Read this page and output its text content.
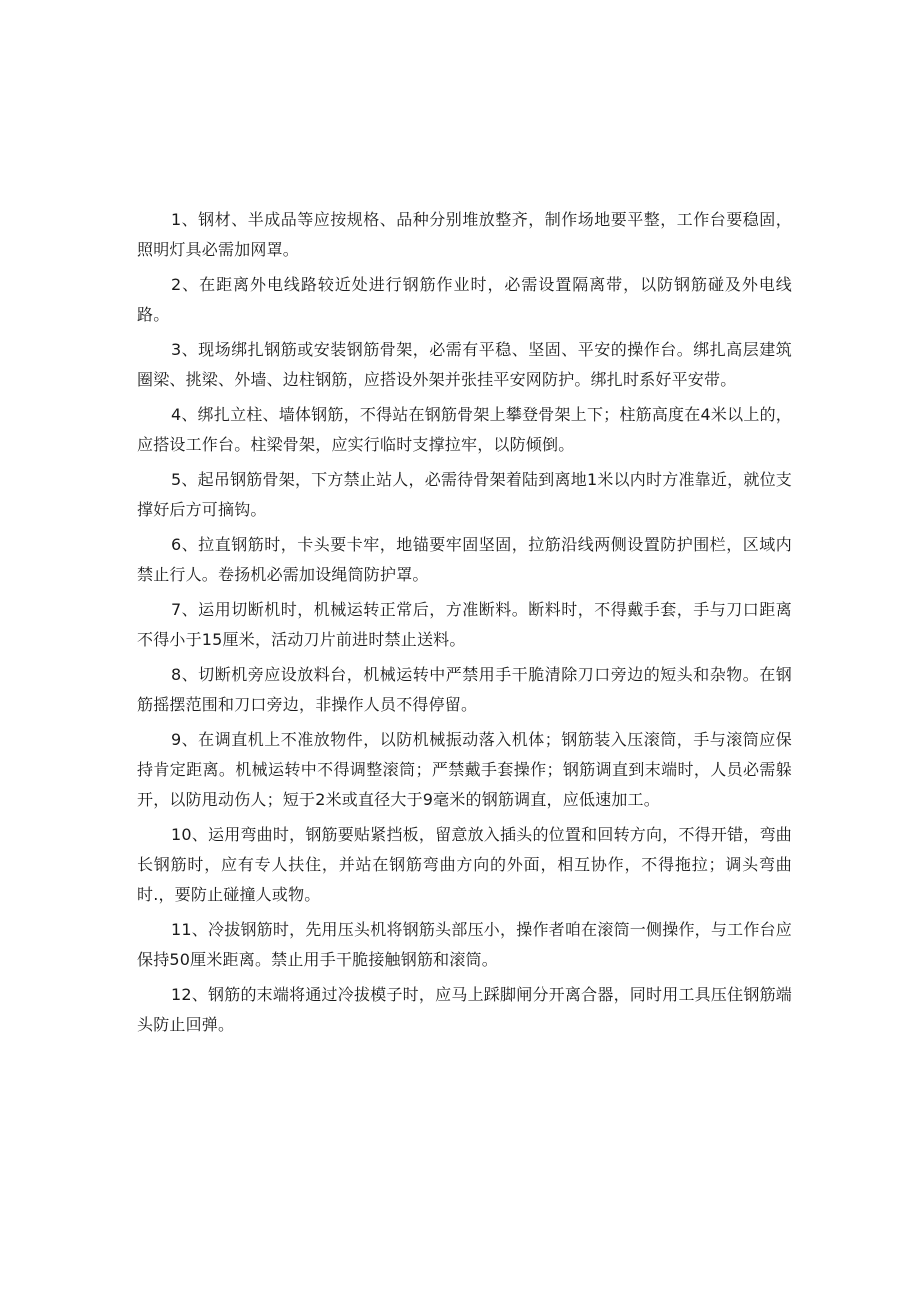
1、钢材、半成品等应按规格、品种分别堆放整齐，制作场地要平整，工作台要稳固，照明灯具必需加网罩。

2、在距离外电线路较近处进行钢筋作业时，必需设置隔离带，以防钢筋碰及外电线路。

3、现场绑扎钢筋或安装钢筋骨架，必需有平稳、坚固、平安的操作台。绑扎高层建筑圈梁、挑梁、外墙、边柱钢筋，应搭设外架并张挂平安网防护。绑扎时系好平安带。

4、绑扎立柱、墙体钢筋，不得站在钢筋骨架上攀登骨架上下；柱筋高度在4米以上的，应搭设工作台。柱梁骨架，应实行临时支撑拉牢，以防倾倒。

5、起吊钢筋骨架，下方禁止站人，必需待骨架着陆到离地1米以内时方准靠近，就位支撑好后方可摘钩。

6、拉直钢筋时，卡头要卡牢，地锚要牢固坚固，拉筋沿线两侧设置防护围栏，区域内禁止行人。卷扬机必需加设绳筒防护罩。

7、运用切断机时，机械运转正常后，方准断料。断料时，不得戴手套，手与刀口距离不得小于15厘米，活动刀片前进时禁止送料。

8、切断机旁应设放料台，机械运转中严禁用手干脆清除刀口旁边的短头和杂物。在钢筋摇摆范围和刀口旁边，非操作人员不得停留。

9、在调直机上不准放物件，以防机械振动落入机体；钢筋装入压滚筒，手与滚筒应保持肯定距离。机械运转中不得调整滚筒；严禁戴手套操作；钢筋调直到末端时，人员必需躲开，以防甩动伤人；短于2米或直径大于9毫米的钢筋调直，应低速加工。

10、运用弯曲时，钢筋要贴紧挡板，留意放入插头的位置和回转方向，不得开错，弯曲长钢筋时，应有专人扶住，并站在钢筋弯曲方向的外面，相互协作，不得拖拉；调头弯曲时.，要防止碰撞人或物。

11、冷拔钢筋时，先用压头机将钢筋头部压小，操作者咱在滚筒一侧操作，与工作台应保持50厘米距离。禁止用手干脆接触钢筋和滚筒。

12、钢筋的末端将通过冷拔模子时，应马上踩脚闸分开离合器，同时用工具压住钢筋端头防止回弹。
